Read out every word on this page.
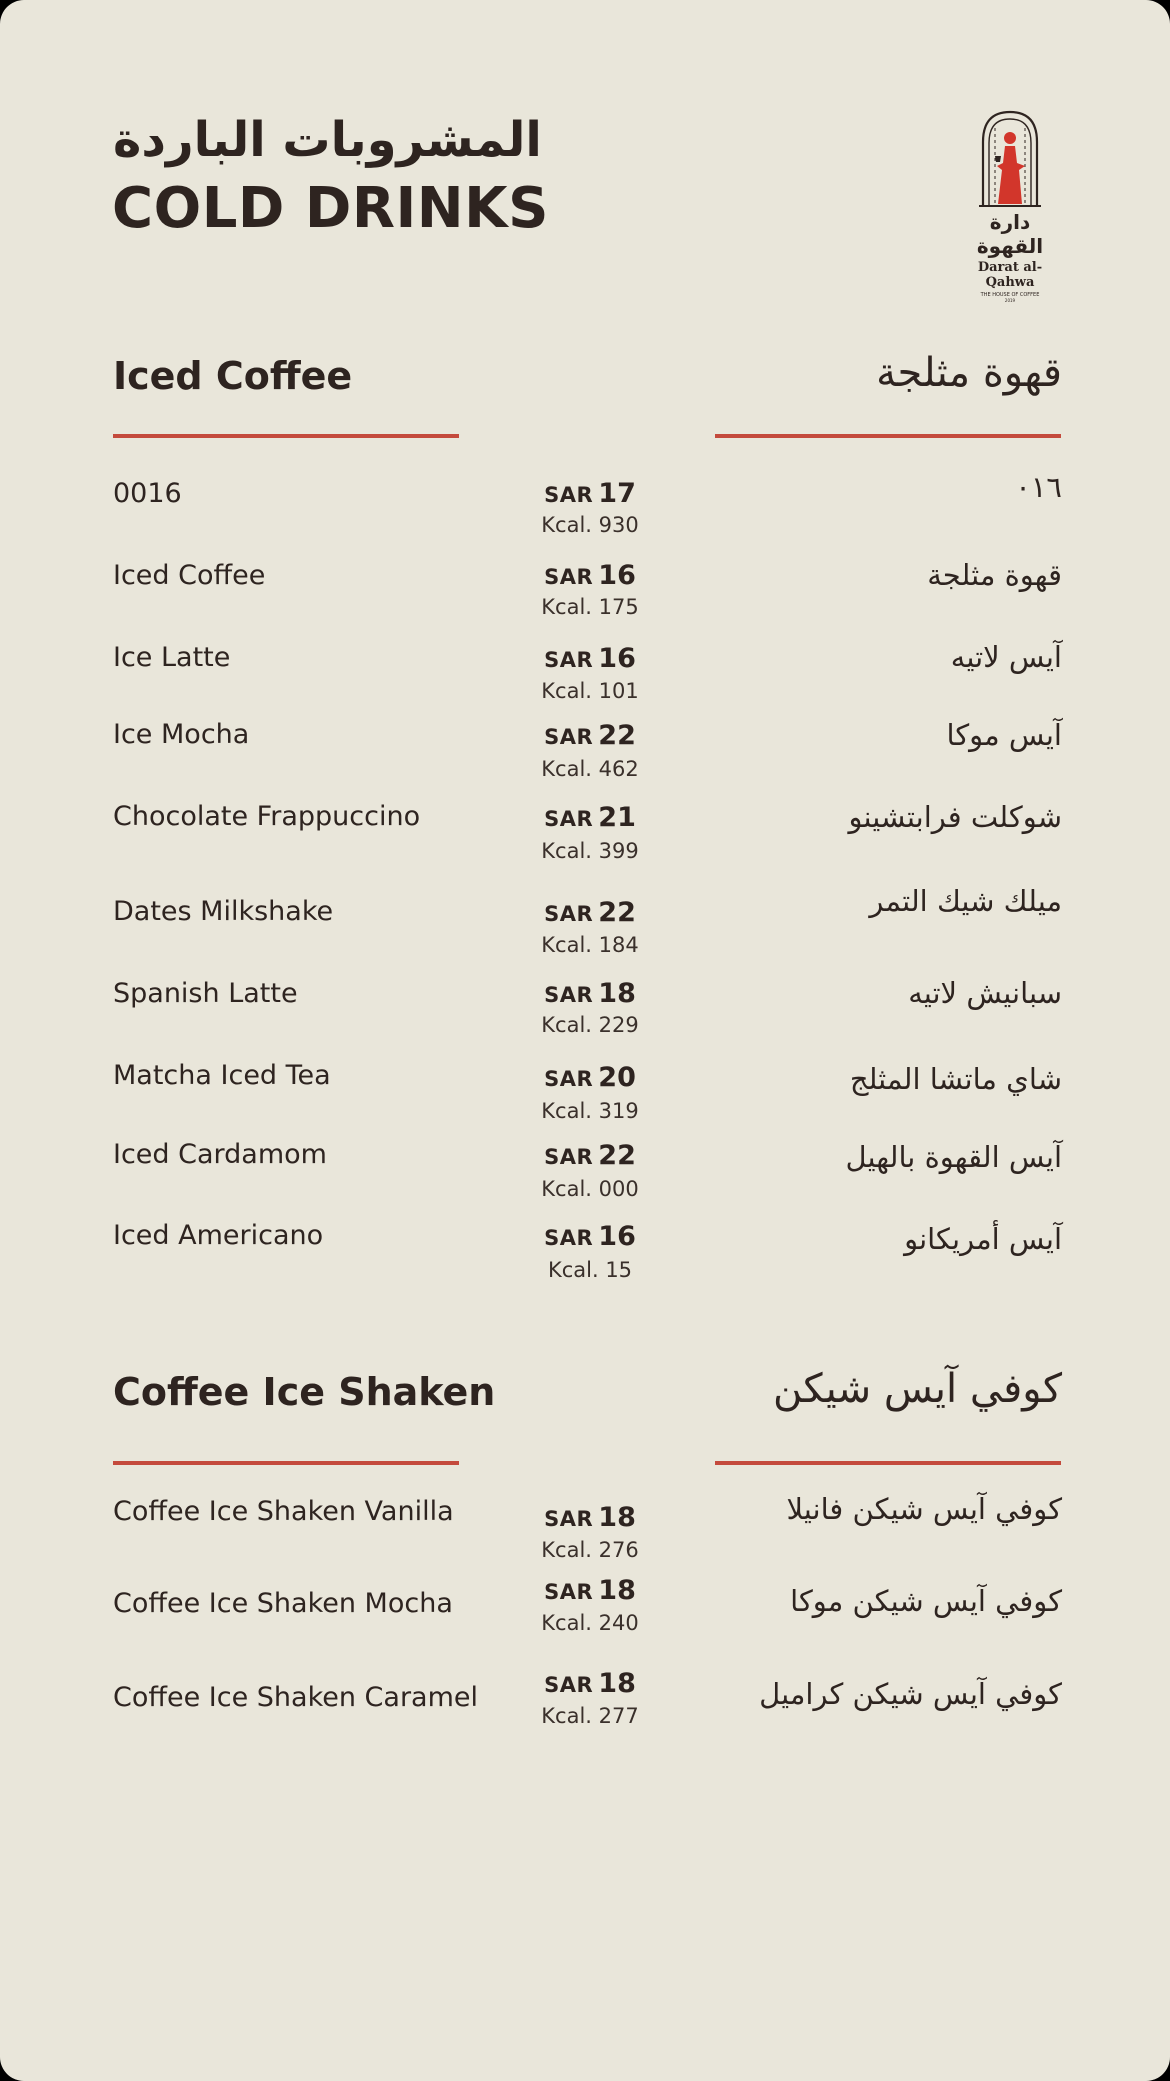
المشروبات الباردة
COLD DRINKS	دارة القهوة
Darat al-Qahwa
THE HOUSE OF COFFEE
2019
Iced Coffee	قهوة مثلجة
0016	SAR 17
Kcal. 930
٠١٦
Iced Coffee	SAR 16
Kcal. 175
قهوة مثلجة
Ice Latte	SAR 16
Kcal. 101
آيس لاتيه
Ice Mocha	SAR 22
Kcal. 462
آيس موكا
Chocolate Frappuccino	SAR 21
Kcal. 399
شوكلت فرابتشينو
Dates Milkshake	SAR 22
Kcal. 184
ميلك شيك التمر
Spanish Latte	SAR 18
Kcal. 229
سبانيش لاتيه
Matcha Iced Tea	SAR 20
Kcal. 319
شاي ماتشا المثلج
Iced Cardamom	SAR 22
Kcal. 000
آيس القهوة بالهيل
Iced Americano	SAR 16
Kcal. 15
آيس أمريكانو
Coffee Ice Shaken	كوفي آيس شيكن
Coffee Ice Shaken Vanilla	SAR 18
Kcal. 276
كوفي آيس شيكن فانيلا
Coffee Ice Shaken Mocha	SAR 18
Kcal. 240
كوفي آيس شيكن موكا
Coffee Ice Shaken Caramel	SAR 18
Kcal. 277
كوفي آيس شيكن كراميل
